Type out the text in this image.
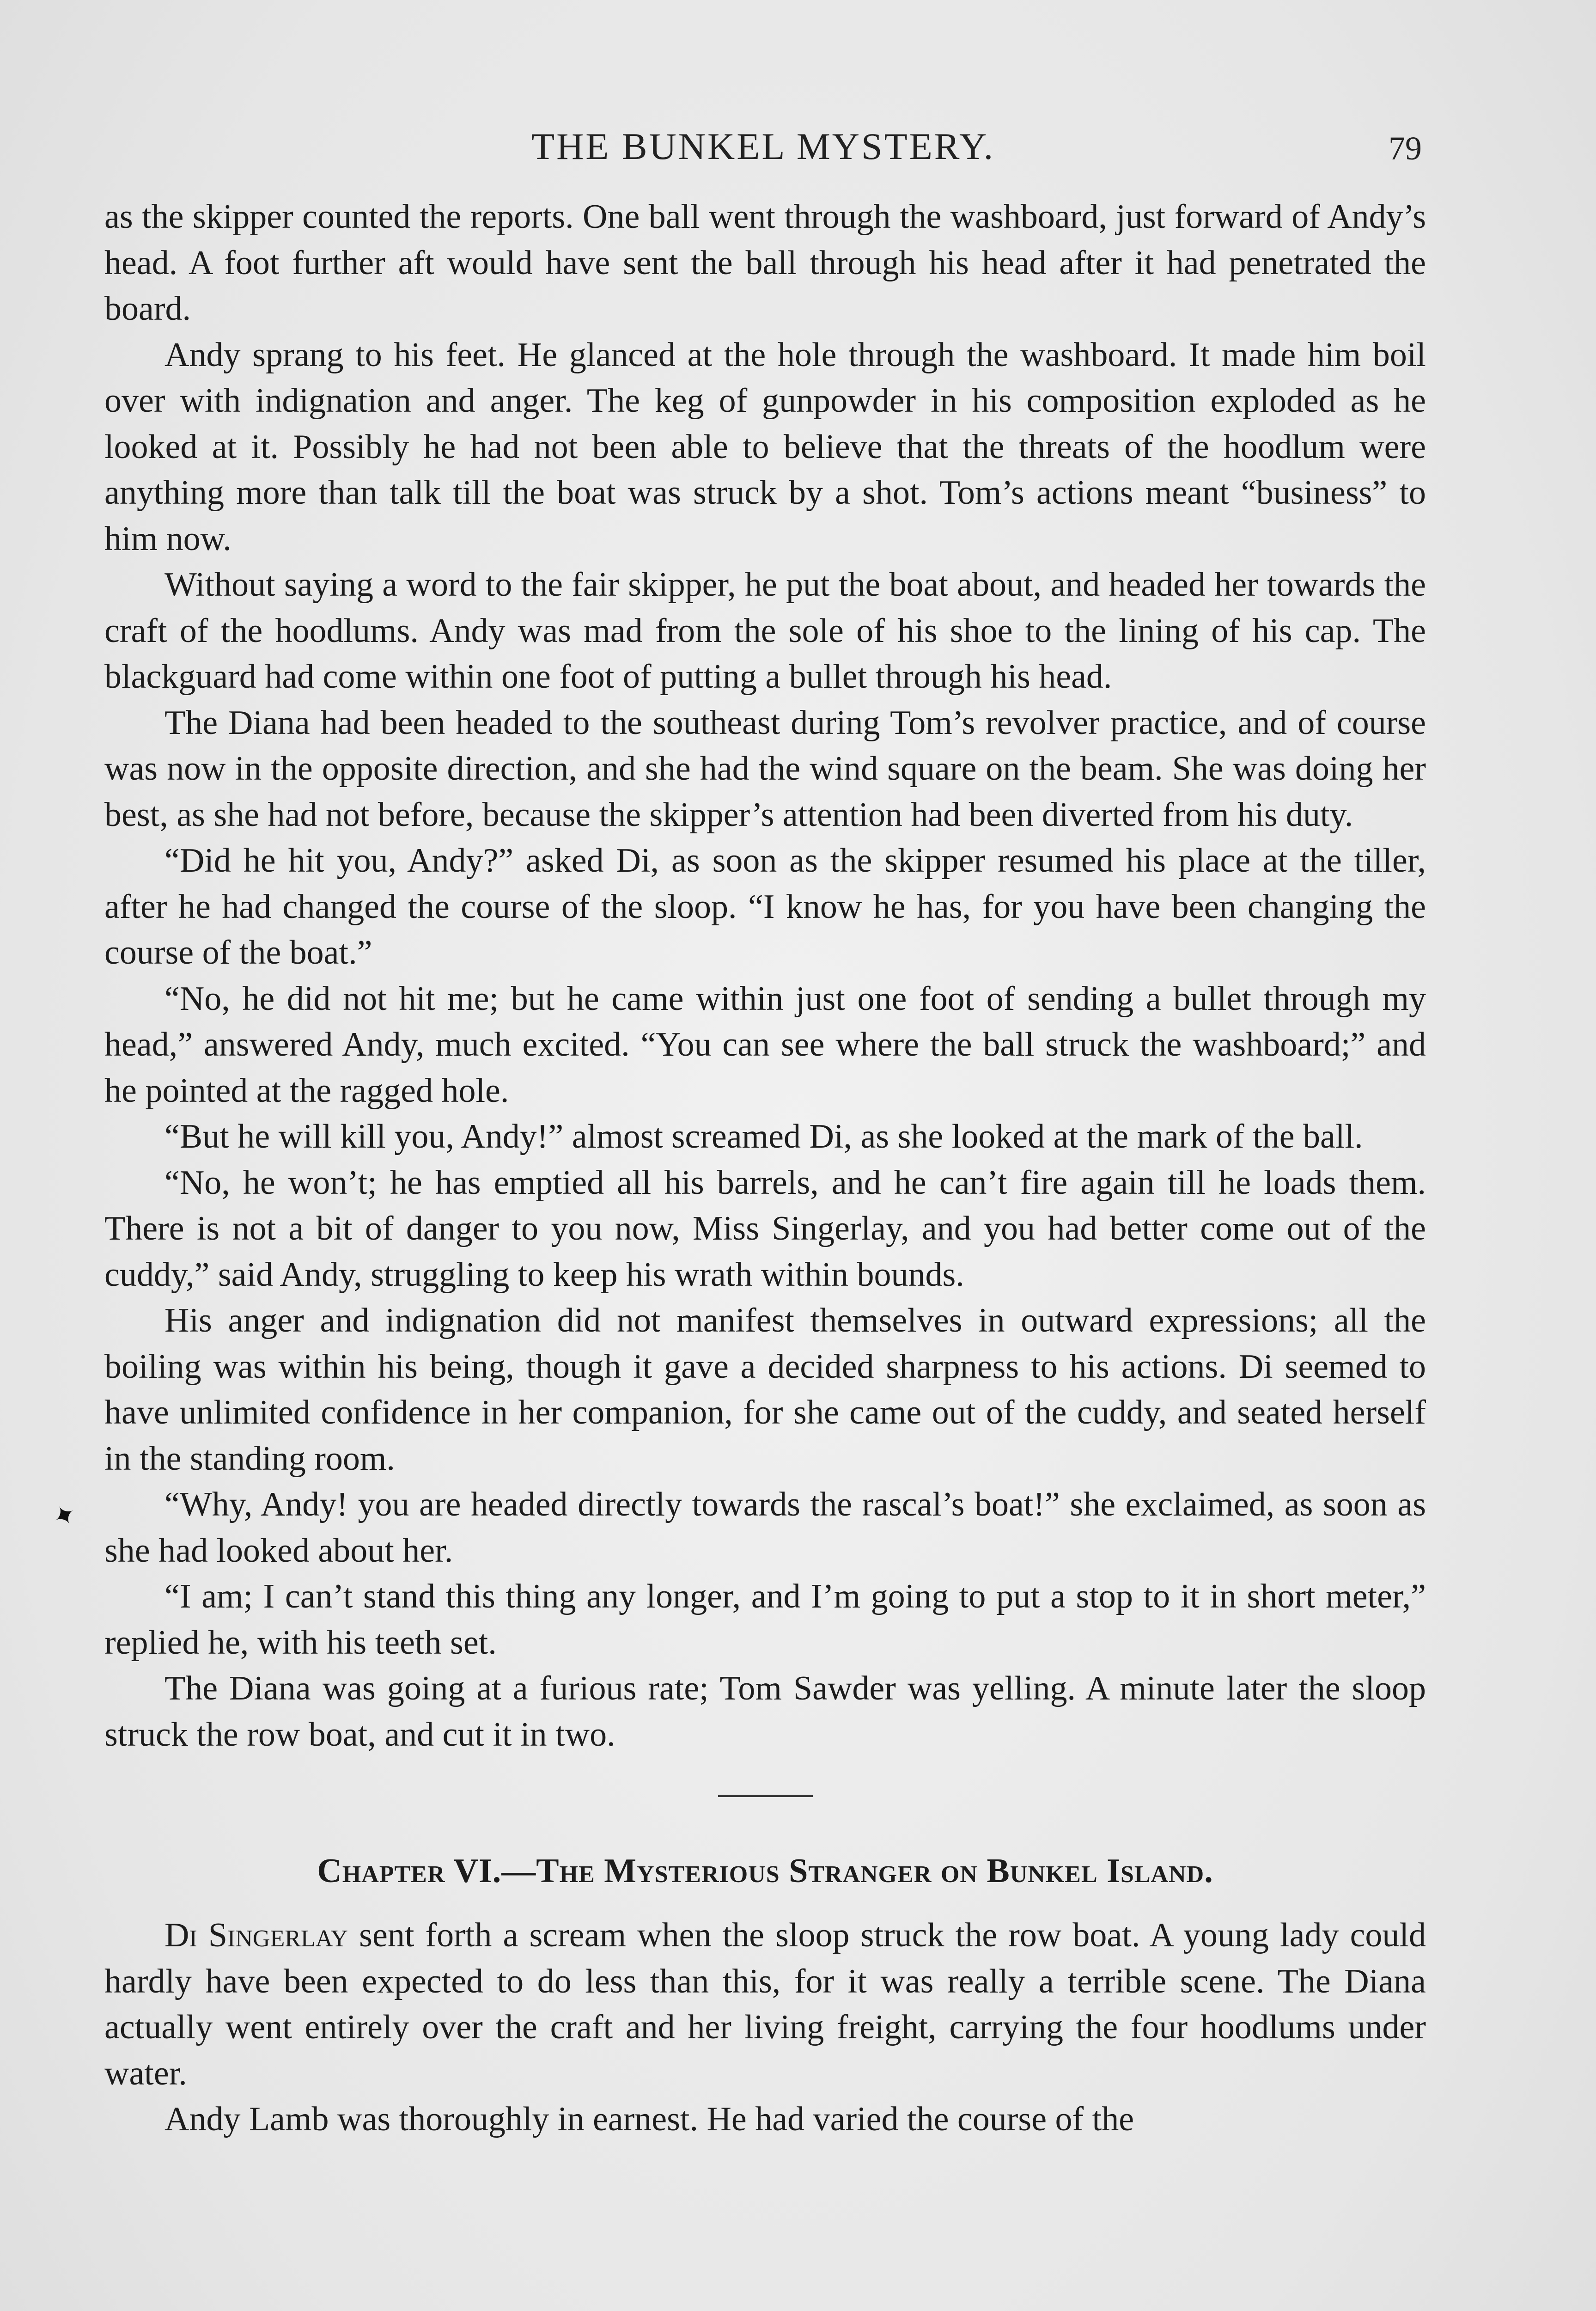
THE BUNKEL MYSTERY.	79

as the skipper counted the reports. One ball went through the washboard, just forward of Andy’s head. A foot further aft would have sent the ball through his head after it had penetrated the board.

Andy sprang to his feet. He glanced at the hole through the washboard. It made him boil over with indignation and anger. The keg of gunpowder in his composition exploded as he looked at it. Possibly he had not been able to believe that the threats of the hoodlum were anything more than talk till the boat was struck by a shot. Tom’s actions meant “business” to him now.

Without saying a word to the fair skipper, he put the boat about, and headed her towards the craft of the hoodlums. Andy was mad from the sole of his shoe to the lining of his cap. The blackguard had come within one foot of putting a bullet through his head.

The Diana had been headed to the southeast during Tom’s revolver practice, and of course was now in the opposite direction, and she had the wind square on the beam. She was doing her best, as she had not before, because the skipper’s attention had been diverted from his duty.

“Did he hit you, Andy?” asked Di, as soon as the skipper resumed his place at the tiller, after he had changed the course of the sloop. “I know he has, for you have been changing the course of the boat.”

“No, he did not hit me; but he came within just one foot of sending a bullet through my head,” answered Andy, much excited. “You can see where the ball struck the washboard;” and he pointed at the ragged hole.

“But he will kill you, Andy!” almost screamed Di, as she looked at the mark of the ball.

“No, he won’t; he has emptied all his barrels, and he can’t fire again till he loads them. There is not a bit of danger to you now, Miss Singerlay, and you had better come out of the cuddy,” said Andy, struggling to keep his wrath within bounds.

His anger and indignation did not manifest themselves in outward expressions; all the boiling was within his being, though it gave a decided sharpness to his actions. Di seemed to have unlimited confidence in her companion, for she came out of the cuddy, and seated herself in the standing room.

“Why, Andy! you are headed directly towards the rascal’s boat!” she exclaimed, as soon as she had looked about her.

“I am; I can’t stand this thing any longer, and I’m going to put a stop to it in short meter,” replied he, with his teeth set.

The Diana was going at a furious rate; Tom Sawder was yelling. A minute later the sloop struck the row boat, and cut it in two.

Chapter VI.—The Mysterious Stranger on Bunkel Island.

Di Singerlay sent forth a scream when the sloop struck the row boat. A young lady could hardly have been expected to do less than this, for it was really a terrible scene. The Diana actually went entirely over the craft and her living freight, carrying the four hoodlums under water.

Andy Lamb was thoroughly in earnest. He had varied the course of the

✦
